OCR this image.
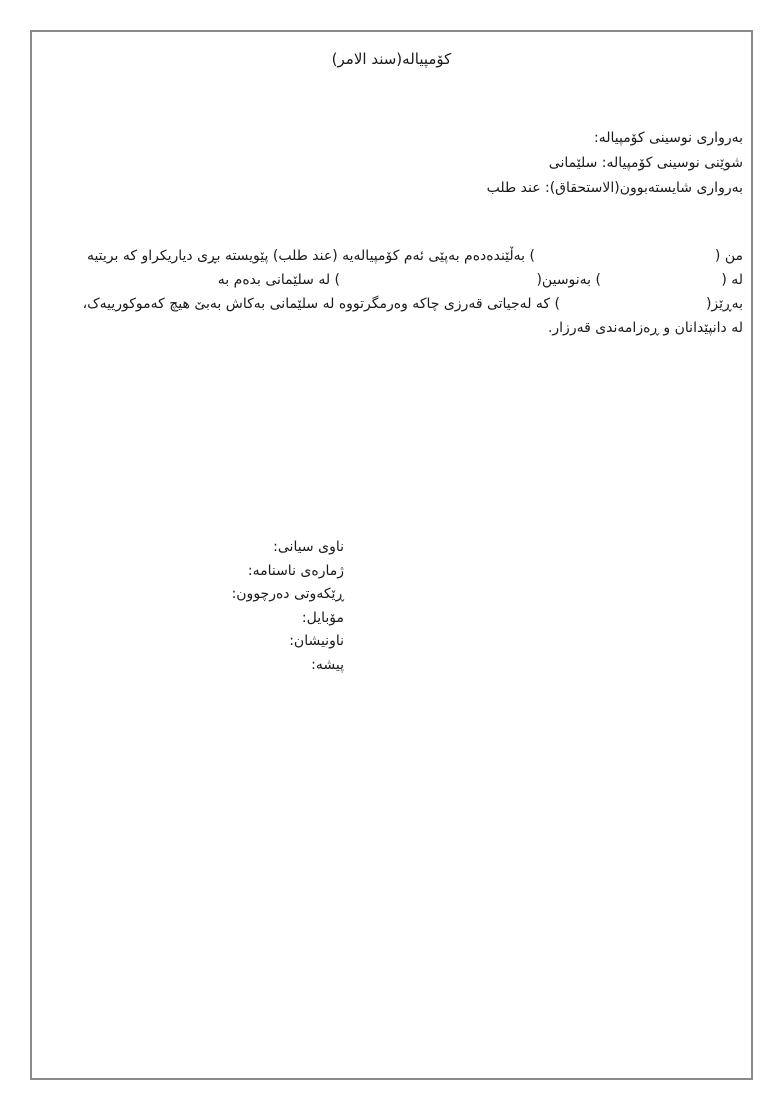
کۆمپیالە(سند الامر)
بەرواری نوسینی کۆمپیالە:
شوێنی نوسینی کۆمپیالە: سلێمانی
بەرواری شایستەبوون(الاستحقاق): عند طلب
من (
) بەڵێندەدەم بەپێی ئەم کۆمپیالەیە (عند طلب) پێویستە بڕی دیاریکراو کە بریتیە
لە (
) بەنوسین(
) لە سلێمانی بدەم بە
بەڕێز(
) کە لەجیاتی قەرزی چاکە وەرمگرتووە لە سلێمانی بەکاش بەبێ هیچ کەموکورییەک،
لە دانپێدانان و ڕەزامەندی قەرزار.
ناوی سیانی:
ژمارەی ناسنامە:
ڕێکەوتی دەرچوون:
مۆبایل:
ناونیشان:
پیشە:
